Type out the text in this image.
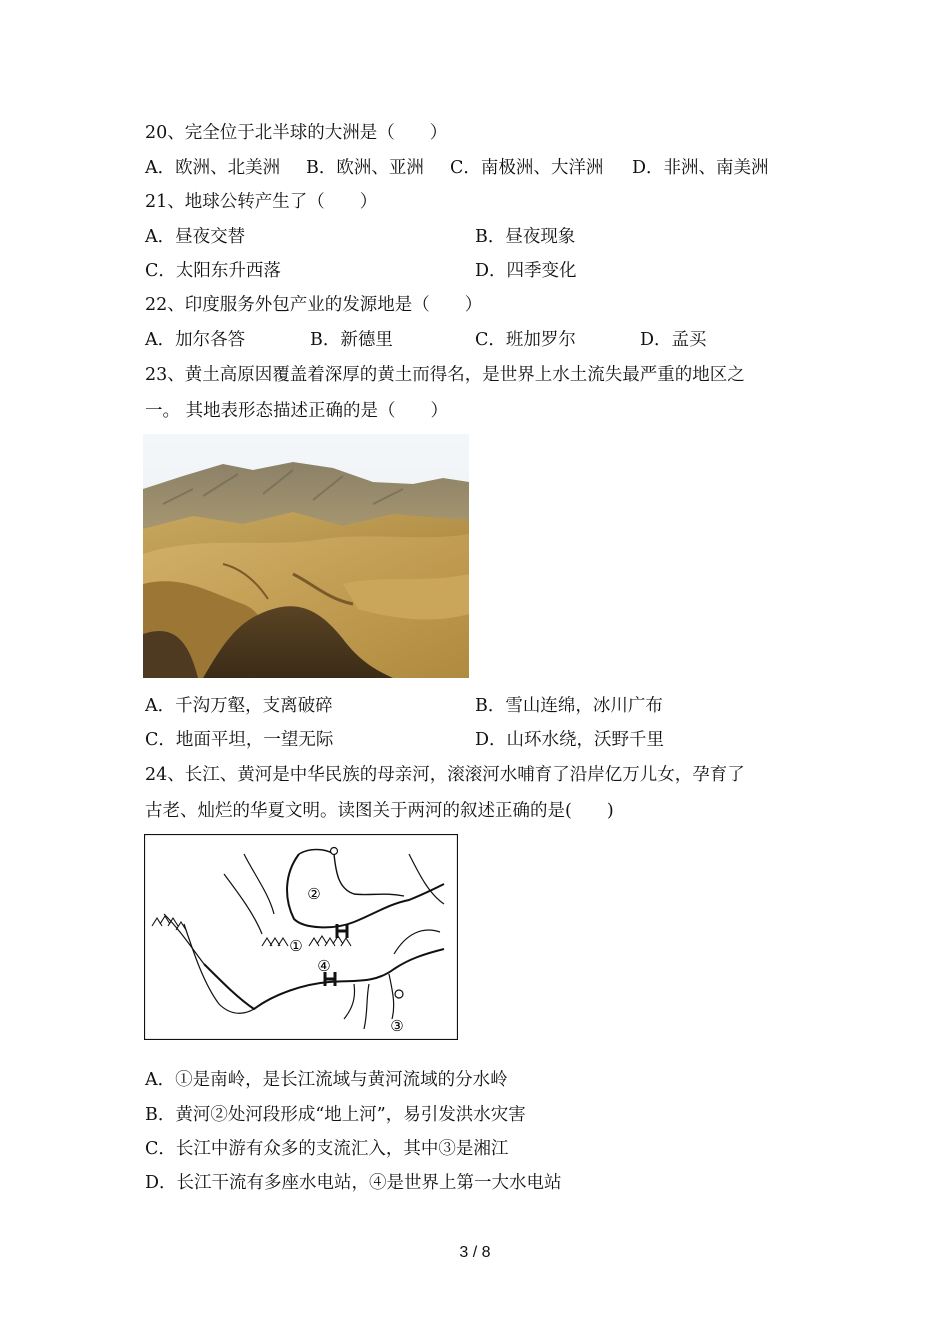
20、完全位于北半球的大洲是（　　）
A．欧洲、北美洲 B．欧洲、亚洲 C．南极洲、大洋洲 D．非洲、南美洲
21、地球公转产生了（　　）
A．昼夜交替	B．昼夜现象
C．太阳东升西落	D．四季变化
22、印度服务外包产业的发源地是（　　）
A．加尔各答	B．新德里	C．班加罗尔	D．孟买
23、黄土高原因覆盖着深厚的黄土而得名，是世界上水土流失最严重的地区之
一。 其地表形态描述正确的是（　　）
A．千沟万壑，支离破碎	B．雪山连绵，冰川广布
C．地面平坦，一望无际	D．山环水绕，沃野千里
24、长江、黄河是中华民族的母亲河，滚滚河水哺育了沿岸亿万儿女，孕育了
古老、灿烂的华夏文明。读图关于两河的叙述正确的是(　　)
②
①
④
③
A．①是南岭，是长江流域与黄河流域的分水岭
B．黄河②处河段形成“地上河”，易引发洪水灾害
C．长江中游有众多的支流汇入，其中③是湘江
D．长江干流有多座水电站，④是世界上第一大水电站
3 / 8
